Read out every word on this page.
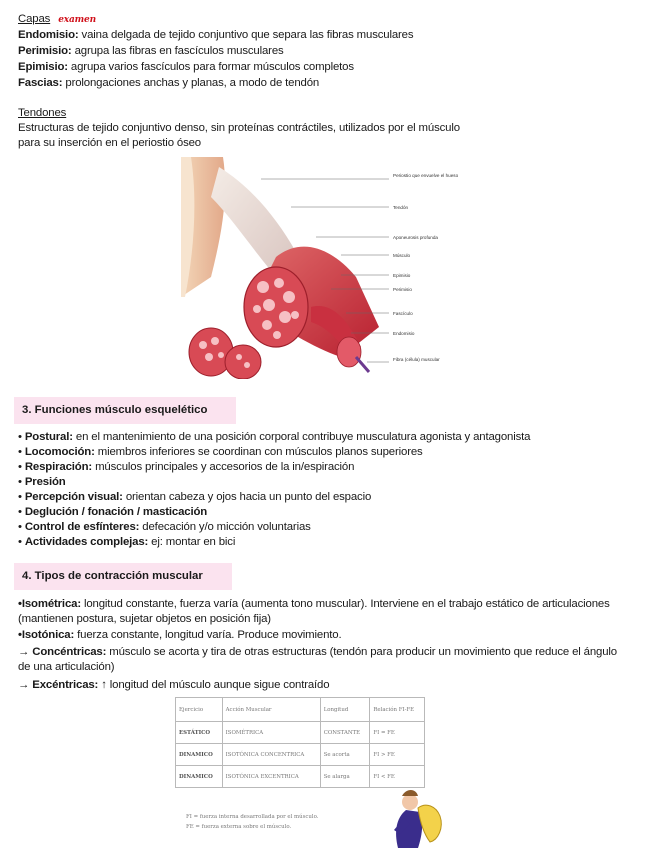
Capas examen
Endomisio: vaina delgada de tejido conjuntivo que separa las fibras musculares
Perimisio: agrupa las fibras en fascículos musculares
Epimisio: agrupa varios fascículos para formar músculos completos
Fascias: prolongaciones anchas y planas, a modo de tendón
Tendones
Estructuras de tejido conjuntivo denso, sin proteínas contráctiles, utilizados por el músculo
para su inserción en el periostio óseo
Periostio que envuelve el hueso
Tendón
Aponeurosis profunda
Músculo
Epimisio
Perimisio
Fascículo
Endomisio
Fibra (célula) muscular
3. Funciones músculo esquelético
• Postural: en el mantenimiento de una posición corporal contribuye musculatura agonista y antagonista
• Locomoción: miembros inferiores se coordinan con músculos planos superiores
• Respiración: músculos principales y accesorios de la in/espiración
• Presión
• Percepción visual: orientan cabeza y ojos hacia un punto del espacio
• Deglución / fonación / masticación
• Control de esfínteres: defecación y/o micción voluntarias
• Actividades complejas: ej: montar en bici
4. Tipos de contracción muscular
•Isométrica: longitud constante, fuerza varía (aumenta tono muscular). Interviene en el trabajo estático de articulaciones (mantienen postura, sujetar objetos en posición fija)
•Isotónica: fuerza constante, longitud varía. Produce movimiento.
→ Concéntricas: músculo se acorta y tira de otras estructuras (tendón para producir un movimiento que reduce el ángulo de una articulación)
→ Excéntricas: ↑ longitud del músculo aunque sigue contraído
Ejercicio	Acción Muscular	Longitud	Relación FI-FE
ESTÁTICO	ISOMÉTRICA	CONSTANTE	FI = FE
DINAMICO	ISOTÓNICA CONCENTRICA	Se acorta	FI > FE
DINAMICO	ISOTÓNICA EXCENTRICA	Se alarga	FI < FE
FI = fuerza interna desarrollada por el músculo.
FE = fuerza externa sobre el músculo.
